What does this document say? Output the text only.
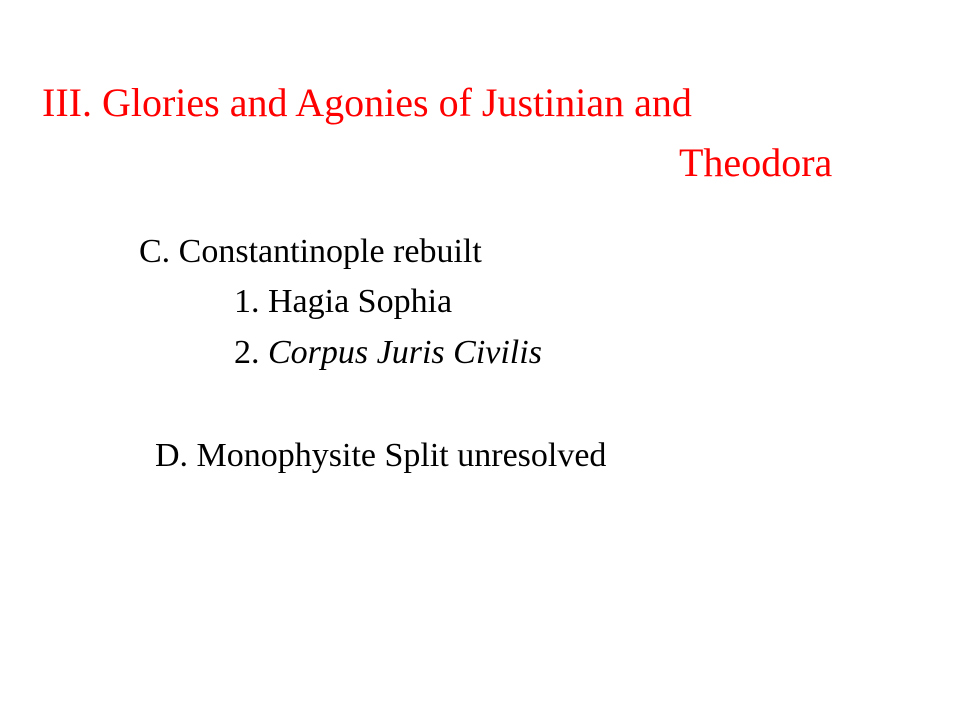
III. Glories and Agonies of Justinian and
Theodora
C. Constantinople rebuilt
1. Hagia Sophia
2. Corpus Juris Civilis
D. Monophysite Split unresolved
